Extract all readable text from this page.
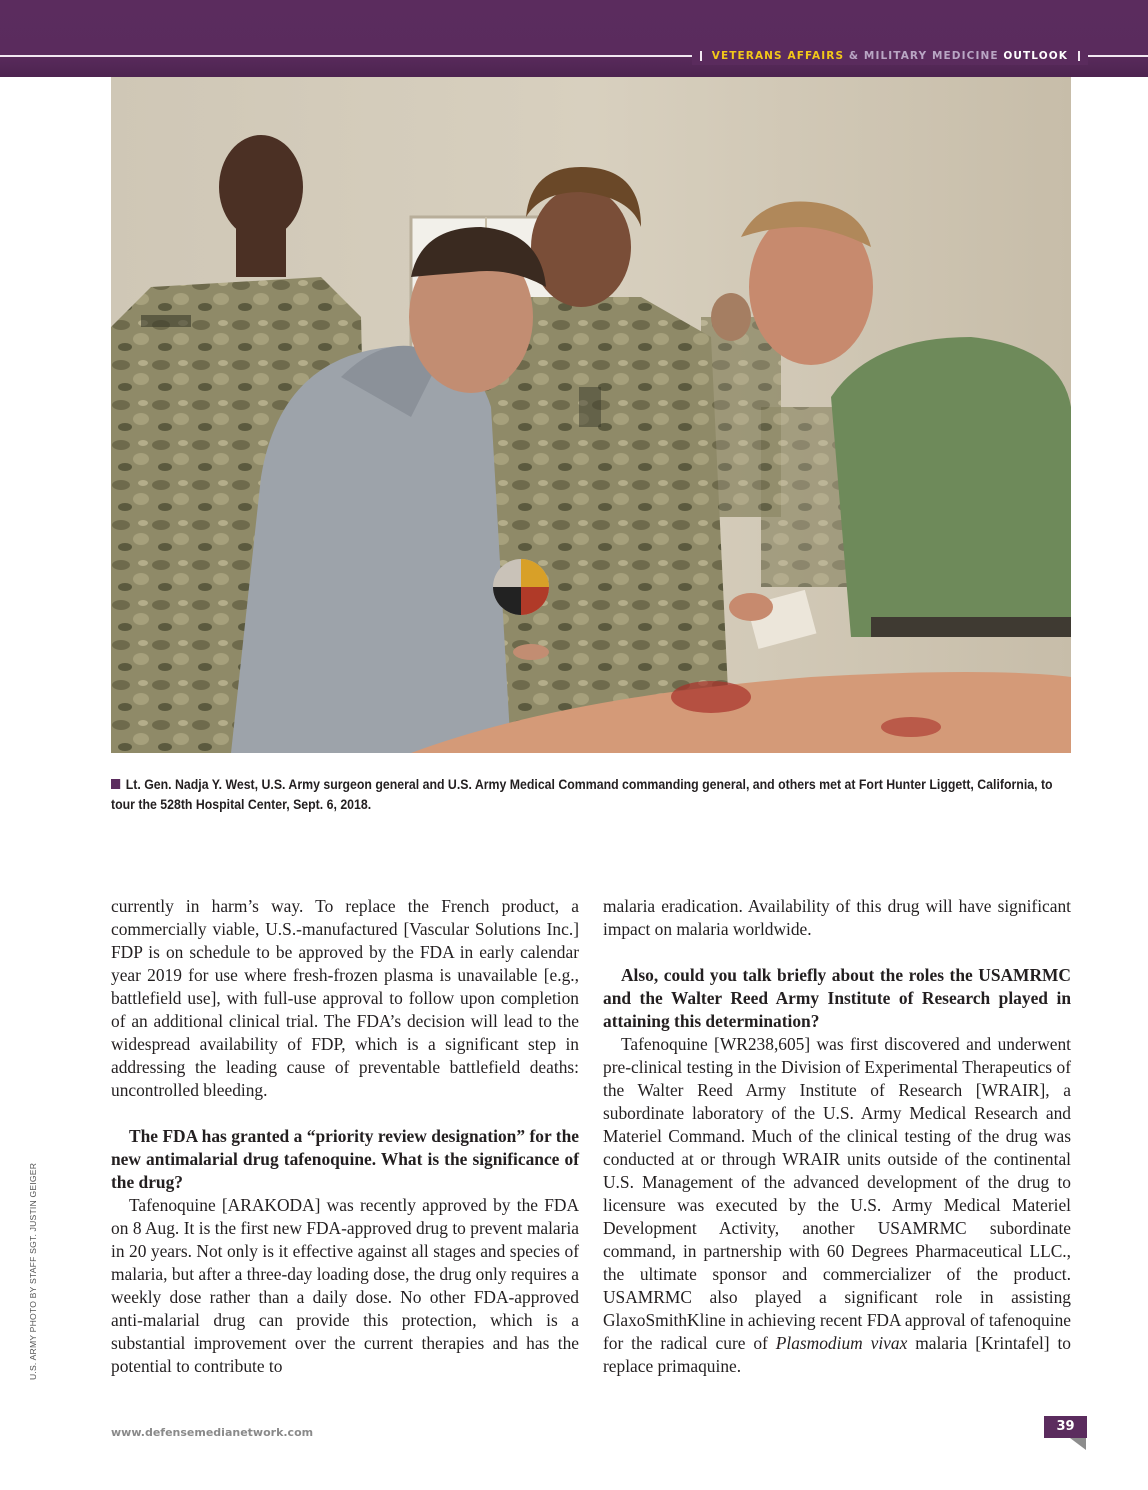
VETERANS AFFAIRS & MILITARY MEDICINE OUTLOOK
Lt. Gen. Nadja Y. West, U.S. Army surgeon general and U.S. Army Medical Command commanding general, and others met at Fort Hunter Liggett, California, to tour the 528th Hospital Center, Sept. 6, 2018.
U.S. ARMY PHOTO BY STAFF SGT. JUSTIN GEIGER

currently in harm’s way. To replace the French product, a commercially viable, U.S.-manufactured [Vascular Solutions Inc.] FDP is on schedule to be approved by the FDA in early calendar year 2019 for use where fresh-frozen plasma is unavailable [e.g., battlefield use], with full-use approval to follow upon completion of an additional clinical trial. The FDA’s decision will lead to the widespread availability of FDP, which is a significant step in addressing the leading cause of preventable battlefield deaths: uncontrolled bleeding.

The FDA has granted a “priority review designation” for the new antimalarial drug tafenoquine. What is the significance of the drug?

Tafenoquine [ARAKODA] was recently approved by the FDA on 8 Aug. It is the first new FDA-approved drug to prevent malaria in 20 years. Not only is it effective against all stages and species of malaria, but after a three-day loading dose, the drug only requires a weekly dose rather than a daily dose. No other FDA-approved anti-malarial drug can provide this protection, which is a substantial improvement over the current therapies and has the potential to contribute to

malaria eradication. Availability of this drug will have significant impact on malaria worldwide.

Also, could you talk briefly about the roles the USAMRMC and the Walter Reed Army Institute of Research played in attaining this determination?

Tafenoquine [WR238,605] was first discovered and underwent pre-clinical testing in the Division of Experimental Therapeutics of the Walter Reed Army Institute of Research [WRAIR], a subordinate laboratory of the U.S. Army Medical Research and Materiel Command. Much of the clinical testing of the drug was conducted at or through WRAIR units outside of the continental U.S. Management of the advanced development of the drug to licensure was executed by the U.S. Army Medical Materiel Development Activity, another USAMRMC subordinate command, in partnership with 60 Degrees Pharmaceutical LLC., the ultimate sponsor and commercializer of the product. USAMRMC also played a significant role in assisting GlaxoSmithKline in achieving recent FDA approval of tafenoquine for the radical cure of Plasmodium vivax malaria [Krintafel] to replace primaquine.

www.defensemedianetwork.com	39
